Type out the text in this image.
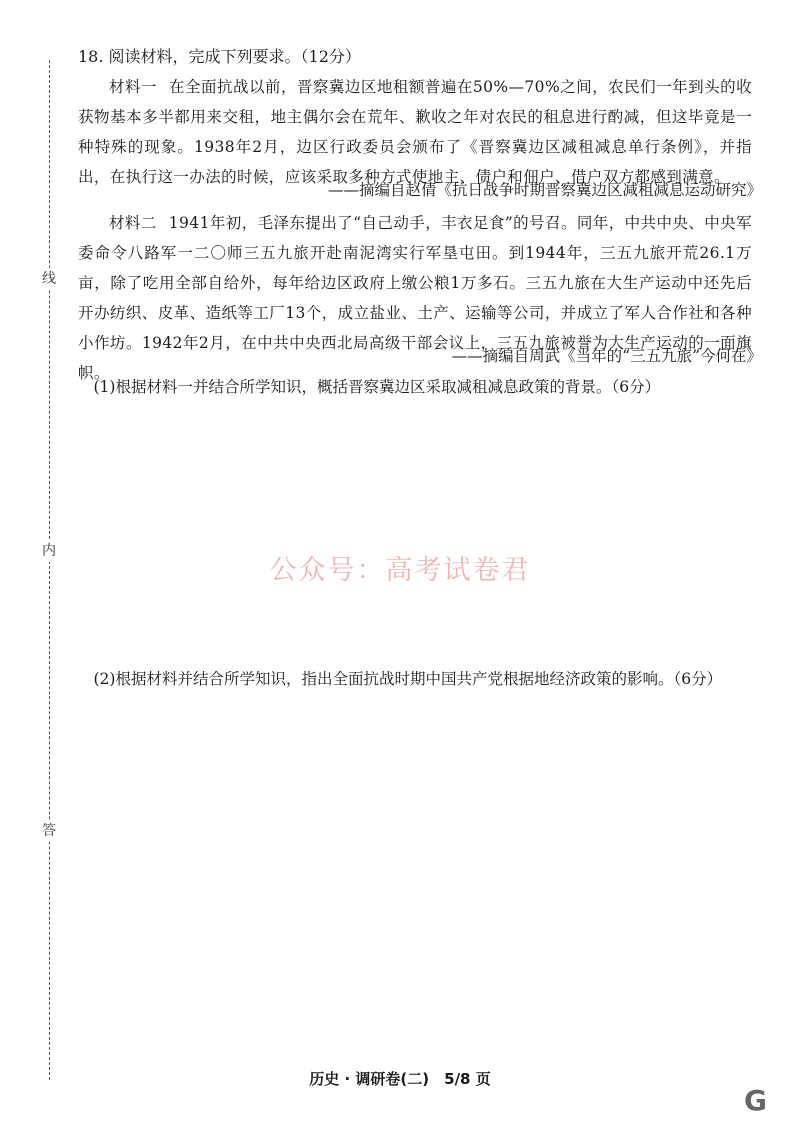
线
内
答
18. 阅读材料，完成下列要求。（12分）
材料一 在全面抗战以前，晋察冀边区地租额普遍在50%—70%之间，农民们一年到头的收获物基本多半都用来交租，地主偶尔会在荒年、歉收之年对农民的租息进行酌减，但这毕竟是一种特殊的现象。1938年2月，边区行政委员会颁布了《晋察冀边区减租减息单行条例》，并指出，在执行这一办法的时候，应该采取多种方式使地主、债户和佃户、借户双方都感到满意。
——摘编自赵倩《抗日战争时期晋察冀边区减租减息运动研究》
材料二 1941年初，毛泽东提出了“自己动手，丰衣足食”的号召。同年，中共中央、中央军委命令八路军一二〇师三五九旅开赴南泥湾实行军垦屯田。到1944年，三五九旅开荒26.1万亩，除了吃用全部自给外，每年给边区政府上缴公粮1万多石。三五九旅在大生产运动中还先后开办纺织、皮革、造纸等工厂13个，成立盐业、土产、运输等公司，并成立了军人合作社和各种小作坊。1942年2月，在中共中央西北局高级干部会议上，三五九旅被誉为大生产运动的一面旗帜。
——摘编自周武《当年的“三五九旅”今何在》
(1)根据材料一并结合所学知识，概括晋察冀边区采取减租减息政策的背景。（6分）
(2)根据材料并结合所学知识，指出全面抗战时期中国共产党根据地经济政策的影响。（6分）
公众号：高考试卷君
历史 · 调研卷(二)　5/8 页
G
